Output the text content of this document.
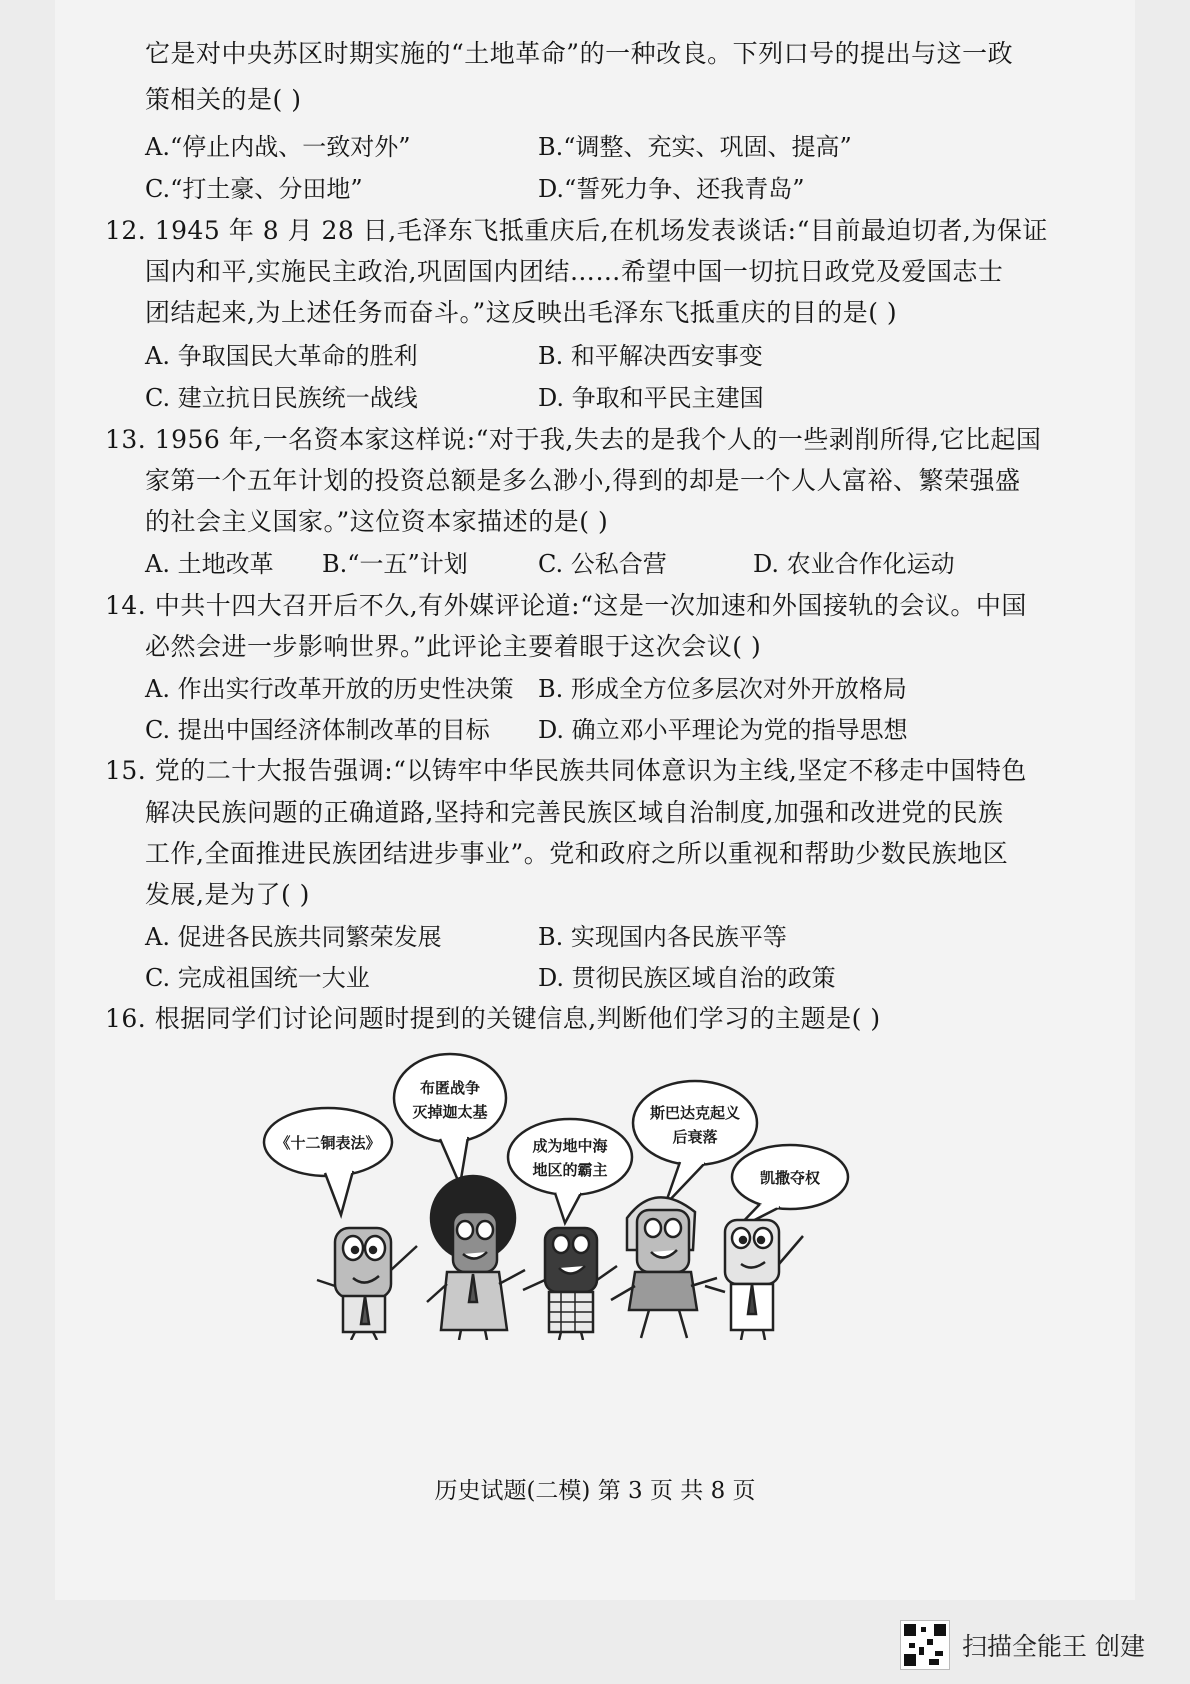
它是对中央苏区时期实施的“土地革命”的一种改良。下列口号的提出与这一政
策相关的是( )
A.“停止内战、一致对外”	B.“调整、充实、巩固、提高”
C.“打土豪、分田地”	D.“誓死力争、还我青岛”
12. 1945 年 8 月 28 日,毛泽东飞抵重庆后,在机场发表谈话:“目前最迫切者,为保证
国内和平,实施民主政治,巩固国内团结……希望中国一切抗日政党及爱国志士
团结起来,为上述任务而奋斗。”这反映出毛泽东飞抵重庆的目的是( )
A. 争取国民大革命的胜利	B. 和平解决西安事变
C. 建立抗日民族统一战线	D. 争取和平民主建国
13. 1956 年,一名资本家这样说:“对于我,失去的是我个人的一些剥削所得,它比起国
家第一个五年计划的投资总额是多么渺小,得到的却是一个人人富裕、繁荣强盛
的社会主义国家。”这位资本家描述的是( )
A. 土地改革 B.“一五”计划	C. 公私合营	D. 农业合作化运动
14. 中共十四大召开后不久,有外媒评论道:“这是一次加速和外国接轨的会议。中国
必然会进一步影响世界。”此评论主要着眼于这次会议( )
A. 作出实行改革开放的历史性决策 B. 形成全方位多层次对外开放格局
C. 提出中国经济体制改革的目标 D. 确立邓小平理论为党的指导思想
15. 党的二十大报告强调:“以铸牢中华民族共同体意识为主线,坚定不移走中国特色
解决民族问题的正确道路,坚持和完善民族区域自治制度,加强和改进党的民族
工作,全面推进民族团结进步事业”。党和政府之所以重视和帮助少数民族地区
发展,是为了( )
A. 促进各民族共同繁荣发展	B. 实现国内各民族平等
C. 完成祖国统一大业	D. 贯彻民族区域自治的政策
16. 根据同学们讨论问题时提到的关键信息,判断他们学习的主题是( )
《十二铜表法》
布匿战争
灭掉迦太基
成为地中海
地区的霸主
斯巴达克起义
后衰落
凯撒夺权
历史试题(二模) 第 3 页 共 8 页
扫描全能王 创建
